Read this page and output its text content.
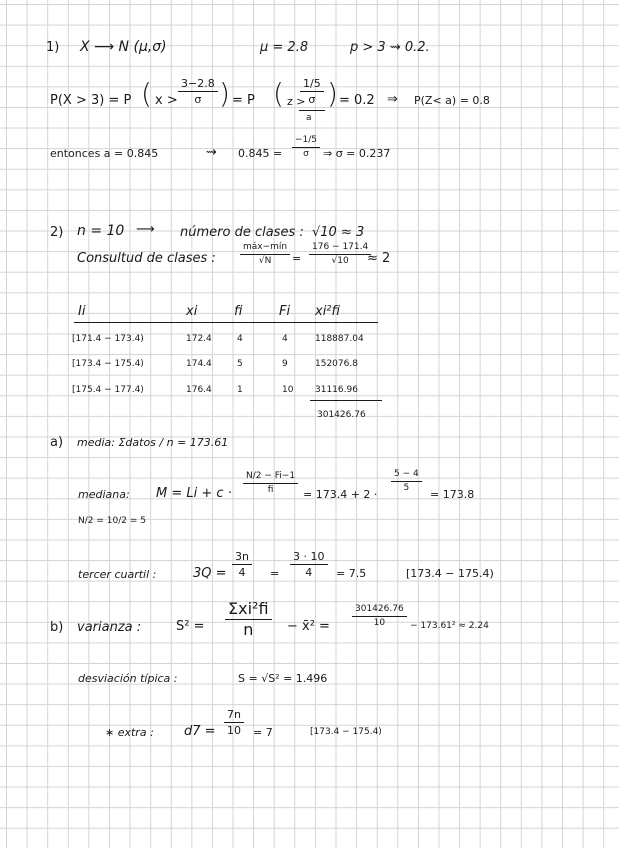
1) X ⟶ N (μ,σ)	μ = 2.8	p > 3 ⇝ 0.2.
P(X > 3) = P ( $x > \frac{3-2.8}{\sigma}$ ) = P ( z >
$\frac{1/5}{\sigma}$
a
) = 0.2 ⇒ P(Z< a) = 0.8
entonces a = 0.845	⇝ $0.845 = \frac{-1/5}{\sigma}$ ⇒ σ = 0.237
2) n = 10 ⟶ número de clases : √10 ≈ 3
Consultud de clases :
máx−mín
$√N = \frac{176 - 171.4}{√10}$
≈ 2
Ii	xi	fi	Fi xi²fi
[171.4 − 173.4)	172.4	4	4	118887.04
[173.4 − 175.4)	174.4	5	9	152076.8
[175.4 − 177.4)	176.4	1	10 31116.96
301426.76
a) media: Σdatos / n = 173.61
mediana: $M = Li + c \cdot \frac{N/2 - Fi-1}{fi} = 173.4 + 2$ ·
$\frac{5 - 4}{5}$
= 173.8
N/2 = 10/2 = 5
tercer cuartil :	$3Q = \frac{3n}{4} = \frac{3 \cdot 10}{4} = 7.5$	[173.4 − 175.4)
b) varianza :	S² =
Σxi²fi
n	− x̄² = $\frac{301426.76}{10} - 173.61^2 \approx 2.24$
desviación típica :	S = √S² = 1.496
∗ extra : $d7 = \frac{7n}{10} = 7$	[173.4 − 175.4)
